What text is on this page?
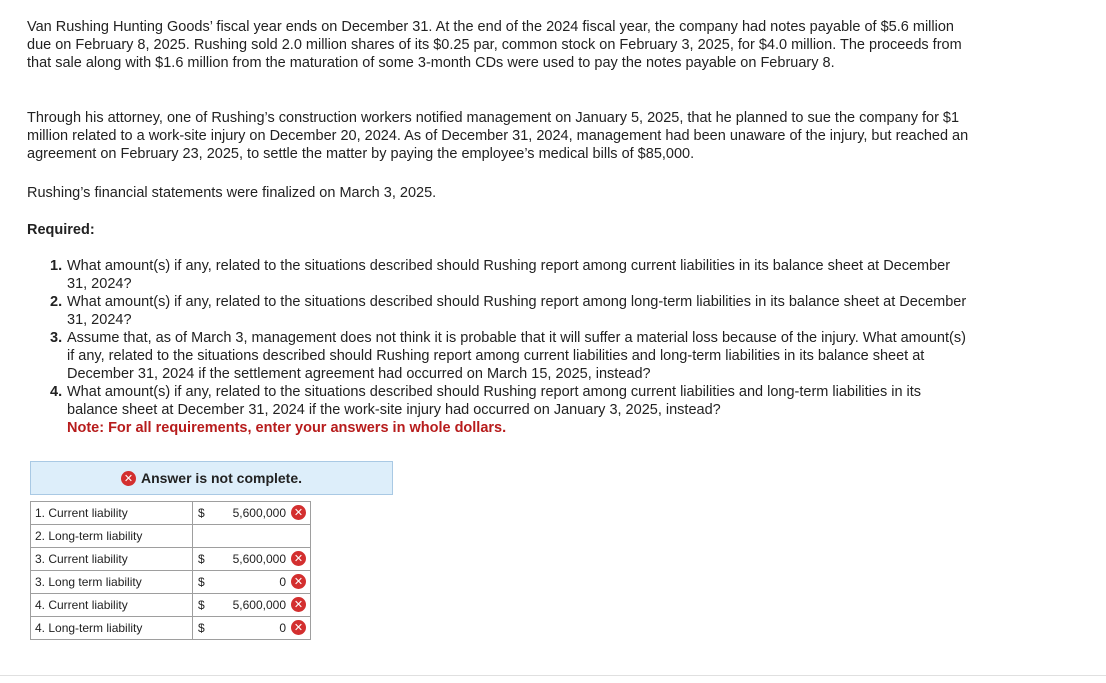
Van Rushing Hunting Goods’ fiscal year ends on December 31. At the end of the 2024 fiscal year, the company had notes payable of $5.6 million due on February 8, 2025. Rushing sold 2.0 million shares of its $0.25 par, common stock on February 3, 2025, for $4.0 million. The proceeds from that sale along with $1.6 million from the maturation of some 3-month CDs were used to pay the notes payable on February 8.

Through his attorney, one of Rushing’s construction workers notified management on January 5, 2025, that he planned to sue the company for $1 million related to a work-site injury on December 20, 2024. As of December 31, 2024, management had been unaware of the injury, but reached an agreement on February 23, 2025, to settle the matter by paying the employee’s medical bills of $85,000.

Rushing’s financial statements were finalized on March 3, 2025.

Required:

1. What amount(s) if any, related to the situations described should Rushing report among current liabilities in its balance sheet at December 31, 2024?
2. What amount(s) if any, related to the situations described should Rushing report among long-term liabilities in its balance sheet at December 31, 2024?
3. Assume that, as of March 3, management does not think it is probable that it will suffer a material loss because of the injury. What amount(s) if any, related to the situations described should Rushing report among current liabilities and long-term liabilities in its balance sheet at December 31, 2024 if the settlement agreement had occurred on March 15, 2025, instead?
4. What amount(s) if any, related to the situations described should Rushing report among current liabilities and long-term liabilities in its balance sheet at December 31, 2024 if the work-site injury had occurred on January 3, 2025, instead?
Note: For all requirements, enter your answers in whole dollars.
✕ Answer is not complete.
1. Current liability	$ 5,600,000 ✕

2. Long-term liability	

3. Current liability	$ 5,600,000 ✕

3. Long term liability	$ 0 ✕

4. Current liability	$ 5,600,000 ✕

4. Long-term liability	$ 0 ✕
